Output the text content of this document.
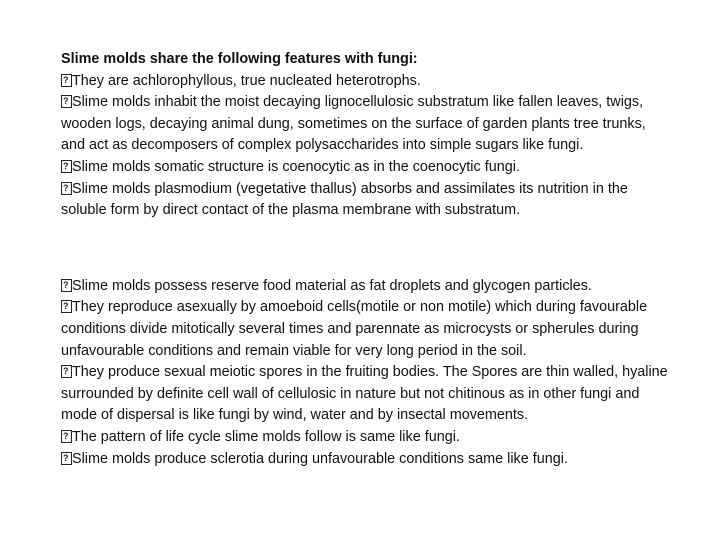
Slime molds share the following features with fungi:

?They are achlorophyllous, true nucleated heterotrophs.

?Slime molds inhabit the moist decaying lignocellulosic substratum like fallen leaves, twigs, wooden logs, decaying animal dung, sometimes on the surface of garden plants tree trunks, and act as decomposers of complex polysaccharides into simple sugars like fungi.

?Slime molds somatic structure is coenocytic as in the coenocytic fungi.

?Slime molds plasmodium (vegetative thallus) absorbs and assimilates its nutrition in the soluble form by direct contact of the plasma membrane with substratum.

?Slime molds possess reserve food material as fat droplets and glycogen particles.

?They reproduce asexually by amoeboid cells(motile or non motile) which during favourable conditions divide mitotically several times and parennate as microcysts or spherules during unfavourable conditions and remain viable for very long period in the soil.

?They produce sexual meiotic spores in the fruiting bodies. The Spores are thin walled, hyaline surrounded by definite cell wall of cellulosic in nature but not chitinous as in other fungi and mode of dispersal is like fungi by wind, water and by insectal movements.

?The pattern of life cycle slime molds follow is same like fungi.

?Slime molds produce sclerotia during unfavourable conditions same like fungi.
